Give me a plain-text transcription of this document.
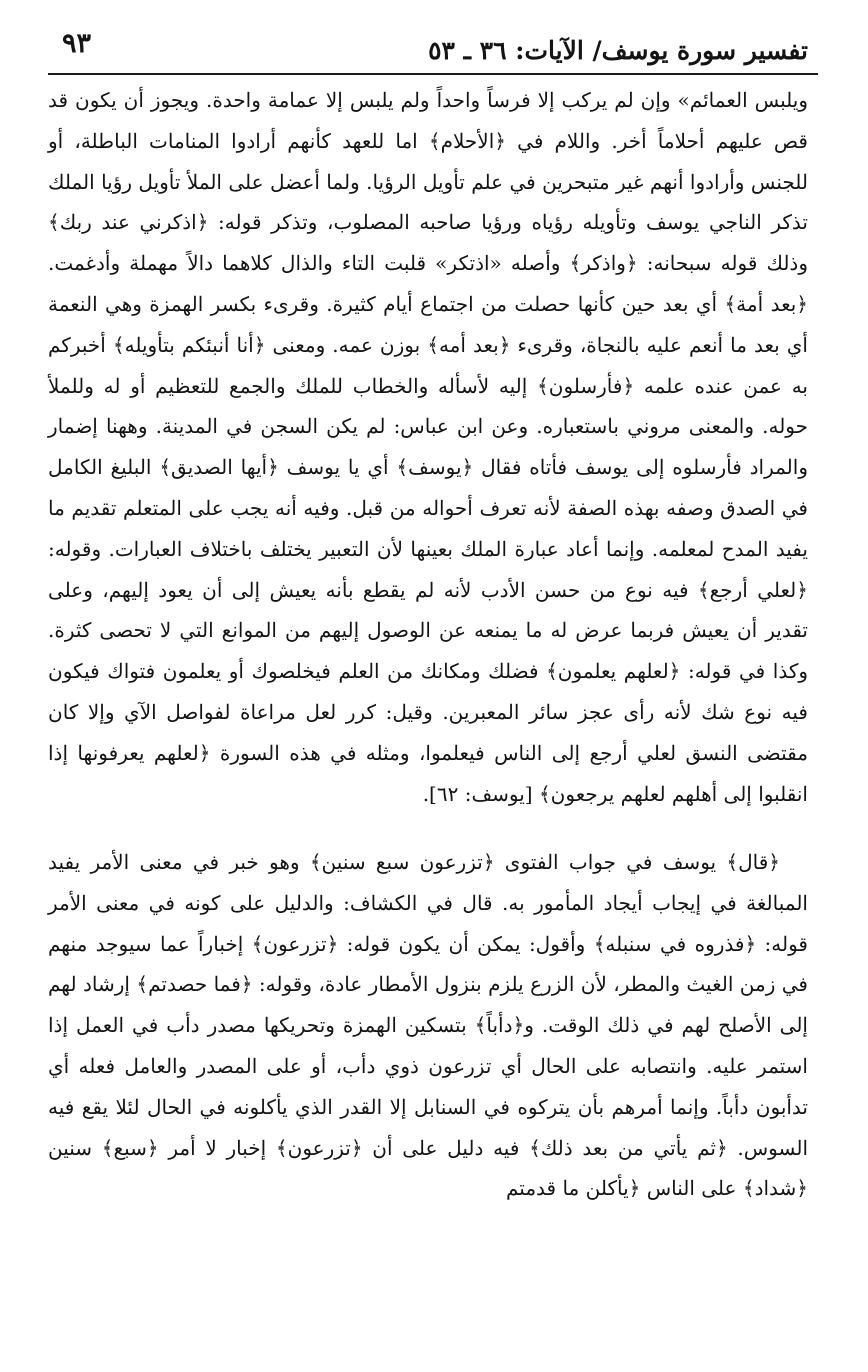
تفسير سورة يوسف/ الآيات: ٣٦ ـ ٥٣
٩٣

ويلبس العمائم» وإن لم يركب إلا فرساً واحداً ولم يلبس إلا عمامة واحدة. ويجوز أن يكون قد قص عليهم أحلاماً أخر. واللام في ﴿الأحلام﴾ اما للعهد كأنهم أرادوا المنامات الباطلة، أو للجنس وأرادوا أنهم غير متبحرين في علم تأويل الرؤيا. ولما أعضل على الملأ تأويل رؤيا الملك تذكر الناجي يوسف وتأويله رؤياه ورؤيا صاحبه المصلوب، وتذكر قوله: ﴿اذكرني عند ربك﴾ وذلك قوله سبحانه: ﴿واذكر﴾ وأصله «اذتكر» قلبت التاء والذال كلاهما دالاً مهملة وأدغمت. ﴿بعد أمة﴾ أي بعد حين كأنها حصلت من اجتماع أيام كثيرة. وقرىء بكسر الهمزة وهي النعمة أي بعد ما أنعم عليه بالنجاة، وقرىء ﴿بعد أمه﴾ بوزن عمه. ومعنى ﴿أنا أنبئكم بتأويله﴾ أخبركم به عمن عنده علمه ﴿فأرسلون﴾ إليه لأسأله والخطاب للملك والجمع للتعظيم أو له وللملأ حوله. والمعنى مروني باستعباره. وعن ابن عباس: لم يكن السجن في المدينة. وههنا إضمار والمراد فأرسلوه إلى يوسف فأتاه فقال ﴿يوسف﴾ أي يا يوسف ﴿أيها الصديق﴾ البليغ الكامل في الصدق وصفه بهذه الصفة لأنه تعرف أحواله من قبل. وفيه أنه يجب على المتعلم تقديم ما يفيد المدح لمعلمه. وإنما أعاد عبارة الملك بعينها لأن التعبير يختلف باختلاف العبارات. وقوله: ﴿لعلي أرجع﴾ فيه نوع من حسن الأدب لأنه لم يقطع بأنه يعيش إلى أن يعود إليهم، وعلى تقدير أن يعيش فربما عرض له ما يمنعه عن الوصول إليهم من الموانع التي لا تحصى كثرة. وكذا في قوله: ﴿لعلهم يعلمون﴾ فضلك ومكانك من العلم فيخلصوك أو يعلمون فتواك فيكون فيه نوع شك لأنه رأى عجز سائر المعبرين. وقيل: كرر لعل مراعاة لفواصل الآي وإلا كان مقتضى النسق لعلي أرجع إلى الناس فيعلموا، ومثله في هذه السورة ﴿لعلهم يعرفونها إذا انقلبوا إلى أهلهم لعلهم يرجعون﴾ [يوسف: ٦٢].

﴿قال﴾ يوسف في جواب الفتوى ﴿تزرعون سبع سنين﴾ وهو خبر في معنى الأمر يفيد المبالغة في إيجاب أيجاد المأمور به. قال في الكشاف: والدليل على كونه في معنى الأمر قوله: ﴿فذروه في سنبله﴾ وأقول: يمكن أن يكون قوله: ﴿تزرعون﴾ إخباراً عما سيوجد منهم في زمن الغيث والمطر، لأن الزرع يلزم بنزول الأمطار عادة، وقوله: ﴿فما حصدتم﴾ إرشاد لهم إلى الأصلح لهم في ذلك الوقت. و﴿دأباً﴾ بتسكين الهمزة وتحريكها مصدر دأب في العمل إذا استمر عليه. وانتصابه على الحال أي تزرعون ذوي دأب، أو على المصدر والعامل فعله أي تدأبون دأباً. وإنما أمرهم بأن يتركوه في السنابل إلا القدر الذي يأكلونه في الحال لئلا يقع فيه السوس. ﴿ثم يأتي من بعد ذلك﴾ فيه دليل على أن ﴿تزرعون﴾ إخبار لا أمر ﴿سبع﴾ سنين ﴿شداد﴾ على الناس ﴿يأكلن ما قدمتم
